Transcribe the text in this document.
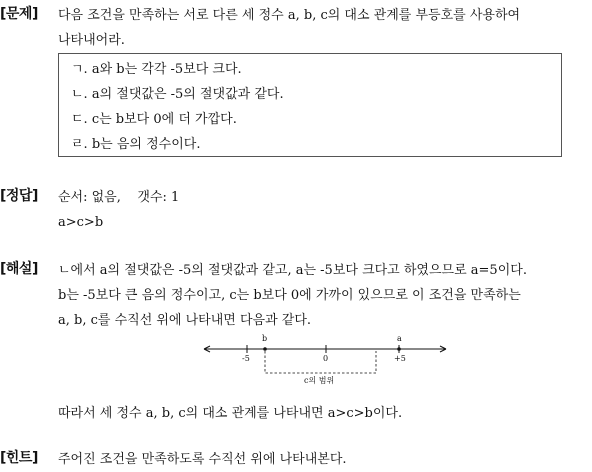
[문제] 다음 조건을 만족하는 서로 다른 세 정수 a, b, c의 대소 관계를 부등호를 사용하여
나타내어라.
ㄱ. a와 b는 각각 -5보다 크다.
ㄴ. a의 절댓값은 -5의 절댓값과 같다.
ㄷ. c는 b보다 0에 더 가깝다.
ㄹ. b는 음의 정수이다.
[정답] 순서: 없음,    갯수: 1
a>c>b
[해설] ㄴ에서 a의 절댓값은 -5의 절댓값과 같고, a는 -5보다 크다고 하였으므로 a=5이다.
b는 -5보다 큰 음의 정수이고, c는 b보다 0에 가까이 있으므로 이 조건을 만족하는
a, b, c를 수직선 위에 나타내면 다음과 같다.
b	a
-5	0	+5
c의 범위
따라서 세 정수 a, b, c의 대소 관계를 나타내면 a>c>b이다.
[힌트] 주어진 조건을 만족하도록 수직선 위에 나타내본다.
